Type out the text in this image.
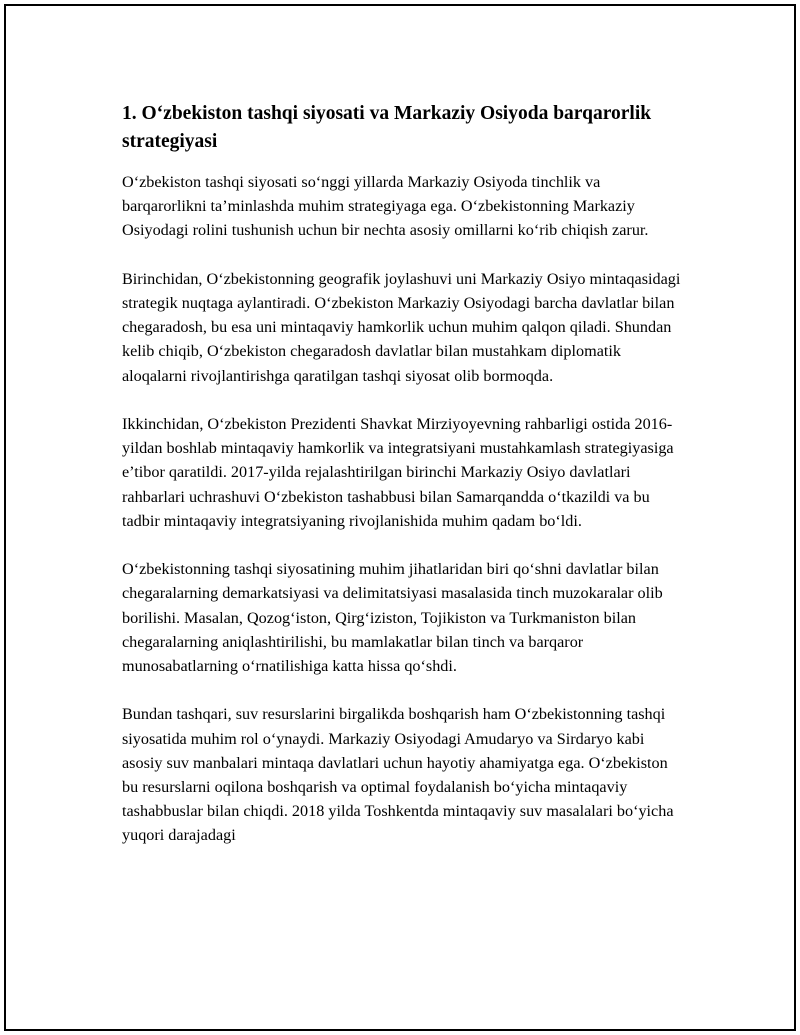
1. O‘zbekiston tashqi siyosati va Markaziy Osiyoda barqarorlik strategiyasi

O‘zbekiston tashqi siyosati so‘nggi yillarda Markaziy Osiyoda tinchlik va barqarorlikni ta’minlashda muhim strategiyaga ega. O‘zbekistonning Markaziy Osiyodagi rolini tushunish uchun bir nechta asosiy omillarni ko‘rib chiqish zarur.

Birinchidan, O‘zbekistonning geografik joylashuvi uni Markaziy Osiyo mintaqasidagi strategik nuqtaga aylantiradi. O‘zbekiston Markaziy Osiyodagi barcha davlatlar bilan chegaradosh, bu esa uni mintaqaviy hamkorlik uchun muhim qalqon qiladi. Shundan kelib chiqib, O‘zbekiston chegaradosh davlatlar bilan mustahkam diplomatik aloqalarni rivojlantirishga qaratilgan tashqi siyosat olib bormoqda.

Ikkinchidan, O‘zbekiston Prezidenti Shavkat Mirziyoyevning rahbarligi ostida 2016-yildan boshlab mintaqaviy hamkorlik va integratsiyani mustahkamlash strategiyasiga e’tibor qaratildi. 2017-yilda rejalashtirilgan birinchi Markaziy Osiyo davlatlari rahbarlari uchrashuvi O‘zbekiston tashabbusi bilan Samarqandda o‘tkazildi va bu tadbir mintaqaviy integratsiyaning rivojlanishida muhim qadam bo‘ldi.

O‘zbekistonning tashqi siyosatining muhim jihatlaridan biri qo‘shni davlatlar bilan chegaralarning demarkatsiyasi va delimitatsiyasi masalasida tinch muzokaralar olib borilishi. Masalan, Qozog‘iston, Qirg‘iziston, Tojikiston va Turkmaniston bilan chegaralarning aniqlashtirilishi, bu mamlakatlar bilan tinch va barqaror munosabatlarning o‘rnatilishiga katta hissa qo‘shdi.

Bundan tashqari, suv resurslarini birgalikda boshqarish ham O‘zbekistonning tashqi siyosatida muhim rol o‘ynaydi. Markaziy Osiyodagi Amudaryo va Sirdaryo kabi asosiy suv manbalari mintaqa davlatlari uchun hayotiy ahamiyatga ega. O‘zbekiston bu resurslarni oqilona boshqarish va optimal foydalanish bo‘yicha mintaqaviy tashabbuslar bilan chiqdi. 2018 yilda Toshkentda mintaqaviy suv masalalari bo‘yicha yuqori darajadagi
